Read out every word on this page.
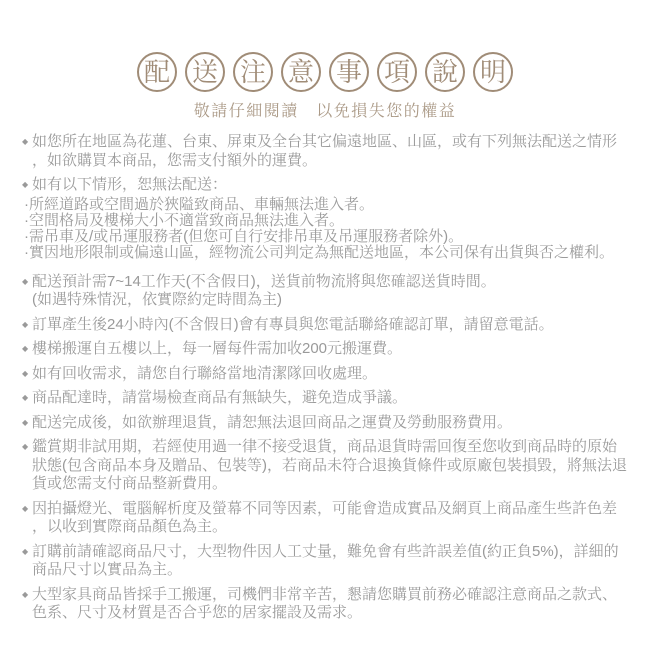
配 送 注 意 事 項 說 明
敬請仔細閱讀　以免損失您的權益
◆ 如您所在地區為花蓮、台東、屏東及全台其它偏遠地區、山區，或有下列無法配送之情形
，如欲購買本商品，您需支付額外的運費。
◆ 如有以下情形，恕無法配送：
·所經道路或空間過於狹隘致商品、車輛無法進入者。
·空間格局及樓梯大小不適當致商品無法進入者。
·需吊車及/或吊運服務者(但您可自行安排吊車及吊運服務者除外)。
·實因地形限制或偏遠山區，經物流公司判定為無配送地區，本公司保有出貨與否之權利。
◆ 配送預計需7~14工作天(不含假日)，送貨前物流將與您確認送貨時間。
(如遇特殊情況，依實際約定時間為主)
◆ 訂單產生後24小時內(不含假日)會有專員與您電話聯絡確認訂單，請留意電話。
◆ 樓梯搬運自五樓以上，每一層每件需加收200元搬運費。
◆ 如有回收需求，請您自行聯絡當地清潔隊回收處理。
◆ 商品配達時，請當場檢查商品有無缺失，避免造成爭議。
◆ 配送完成後，如欲辦理退貨，請恕無法退回商品之運費及勞動服務費用。
◆ 鑑賞期非試用期，若經使用過一律不接受退貨，商品退貨時需回復至您收到商品時的原始
狀態(包含商品本身及贈品、包裝等)，若商品未符合退換貨條件或原廠包裝損毀，將無法退
貨或您需支付商品整新費用。
◆ 因拍攝燈光、電腦解析度及螢幕不同等因素，可能會造成實品及網頁上商品產生些許色差
，以收到實際商品顏色為主。
◆ 訂購前請確認商品尺寸，大型物件因人工丈量，難免會有些許誤差值(約正負5%)，詳細的
商品尺寸以實品為主。
◆ 大型家具商品皆採手工搬運，司機們非常辛苦，懇請您購買前務必確認注意商品之款式、
色系、尺寸及材質是否合乎您的居家擺設及需求。
